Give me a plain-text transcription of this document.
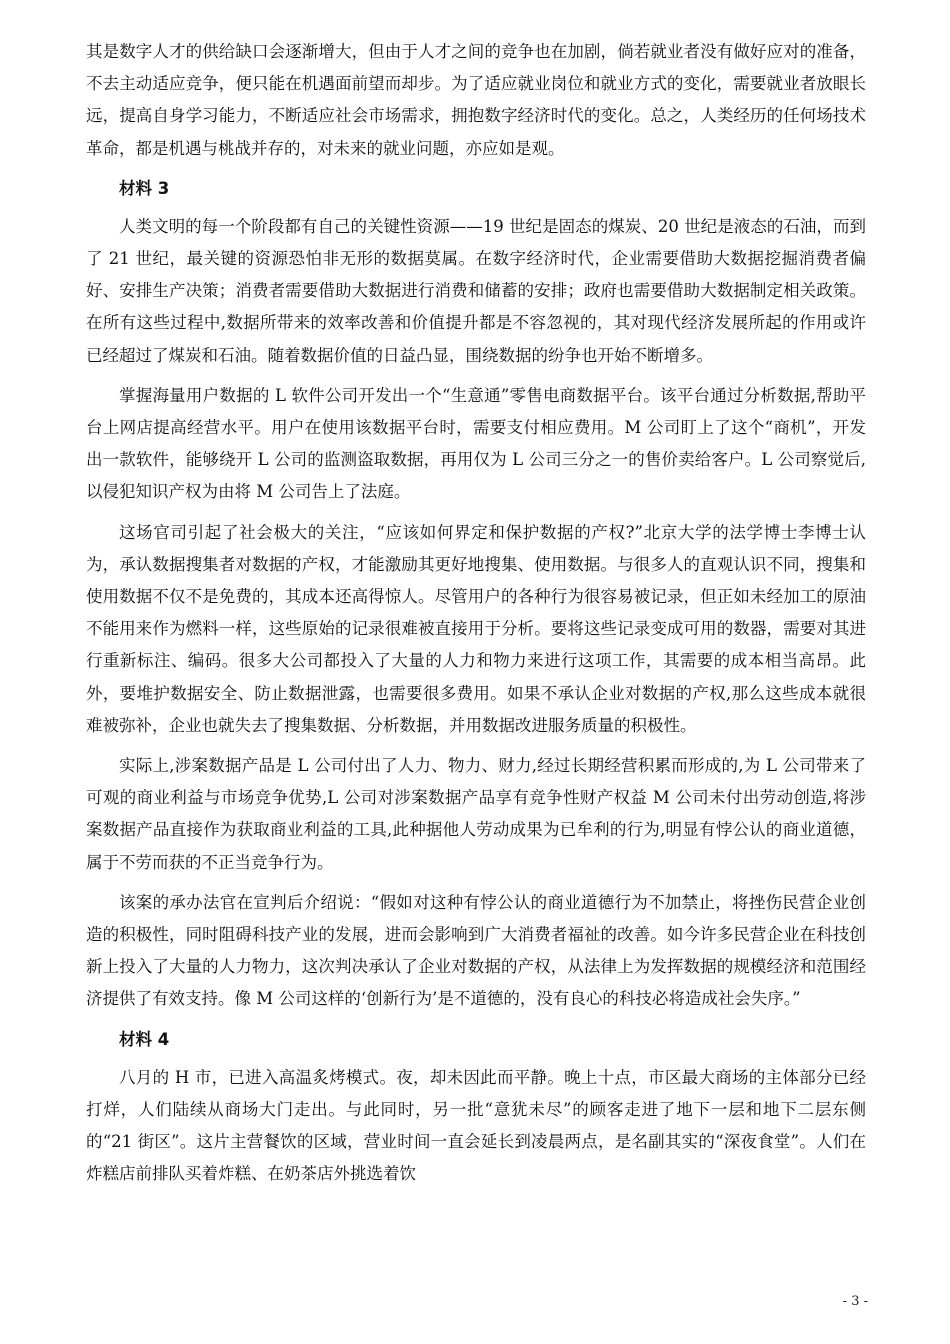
其是数字人才的供给缺口会逐渐增大，但由于人才之间的竞争也在加剧，倘若就业者没有做好应对的准备，不去主动适应竞争，便只能在机遇面前望而却步。为了适应就业岗位和就业方式的变化，需要就业者放眼长远，提高自身学习能力，不断适应社会市场需求，拥抱数字经济时代的变化。总之，人类经历的任何场技术革命，都是机遇与桃战并存的，对未来的就业问题，亦应如是观。

材料 3

人类文明的每一个阶段都有自己的关键性资源——19 世纪是固态的煤炭、20 世纪是液态的石油，而到了 21 世纪，最关键的资源恐怕非无形的数据莫属。在数字经济时代，企业需要借助大数据挖掘消费者偏好、安排生产决策；消费者需要借助大数据进行消费和储蓄的安排；政府也需要借助大数据制定相关政策。在所有这些过程中,数据所带来的效率改善和价值提升都是不容忽视的，其对现代经济发展所起的作用或许已经超过了煤炭和石油。随着数据价值的日益凸显，围绕数据的纷争也开始不断增多。

掌握海量用户数据的 L 软件公司开发出一个“生意通”零售电商数据平台。该平台通过分析数据,帮助平台上网店提高经营水平。用户在使用该数据平台时，需要支付相应费用。M 公司盯上了这个“商机”，开发出一款软件，能够绕开 L 公司的监测盗取数据，再用仅为 L 公司三分之一的售价卖给客户。L 公司察觉后,以侵犯知识产权为由将 M 公司告上了法庭。

这场官司引起了社会极大的关注，“应该如何界定和保护数据的产权?”北京大学的法学博士李博士认为，承认数据搜集者对数据的产权，才能激励其更好地搜集、使用数据。与很多人的直观认识不同，搜集和使用数据不仅不是免费的，其成本还高得惊人。尽管用户的各种行为很容易被记录，但正如未经加工的原油不能用来作为燃料一样，这些原始的记录很难被直接用于分析。要将这些记录变成可用的数器，需要对其进行重新标注、编码。很多大公司都投入了大量的人力和物力来进行这项工作，其需要的成本相当高昂。此外，要堆护数据安全、防止数据泄露，也需要很多费用。如果不承认企业对数据的产权,那么这些成本就很难被弥补，企业也就失去了搜集数据、分析数据，并用数据改进服务质量的积极性。

实际上,涉案数据产品是 L 公司付出了人力、物力、财力,经过长期经营积累而形成的,为 L 公司带来了可观的商业利益与市场竞争优势,L 公司对涉案数据产品享有竞争性财产权益 M 公司未付出劳动创造,将涉案数据产品直接作为获取商业利益的工具,此种据他人劳动成果为已牟利的行为,明显有悖公认的商业道德，属于不劳而获的不正当竞争行为。

该案的承办法官在宣判后介绍说：“假如对这种有悖公认的商业道德行为不加禁止，将挫伤民营企业创造的积极性，同时阻碍科技产业的发展，进而会影响到广大消费者福祉的改善。如今许多民营企业在科技创新上投入了大量的人力物力，这次判决承认了企业对数据的产权，从法律上为发挥数据的规模经济和范围经济提供了有效支持。像 M 公司这样的‘创新行为’是不道德的，没有良心的科技必将造成社会失序。”

材料 4

八月的 H 市，已进入高温炙烤模式。夜，却未因此而平静。晚上十点，市区最大商场的主体部分已经打烊，人们陆续从商场大门走出。与此同时，另一批“意犹未尽”的顾客走进了地下一层和地下二层东侧的“21 街区”。这片主营餐饮的区域，营业时间一直会延长到凌晨两点，是名副其实的“深夜食堂”。人们在炸糕店前排队买着炸糕、在奶茶店外挑选着饮

- 3 -
